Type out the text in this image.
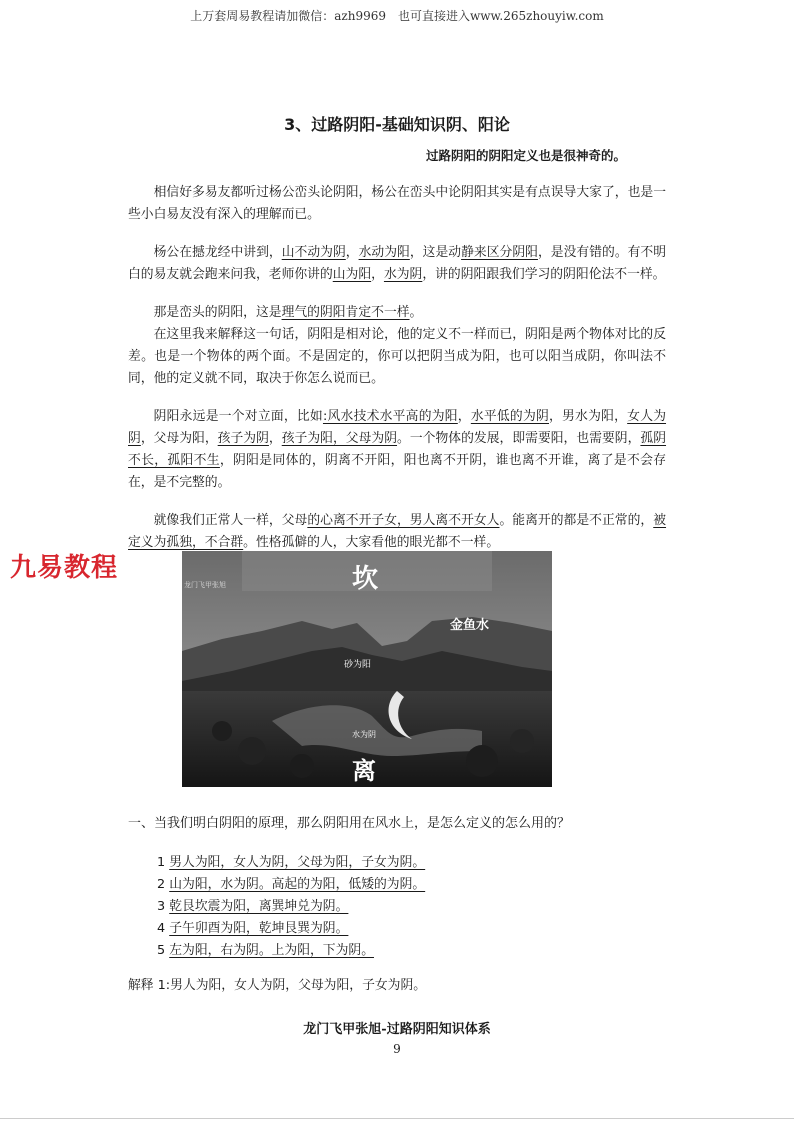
上万套周易教程请加微信：azh9969　也可直接进入www.265zhouyiw.com
3、过路阴阳-基础知识阴、阳论
过路阴阳的阴阳定义也是很神奇的。

相信好多易友都听过杨公峦头论阴阳，杨公在峦头中论阴阳其实是有点误导大家了，也是一些小白易友没有深入的理解而已。

杨公在撼龙经中讲到，山不动为阴，水动为阳，这是动静来区分阴阳，是没有错的。有不明白的易友就会跑来问我，老师你讲的山为阳，水为阴，讲的阴阳跟我们学习的阴阳伦法不一样。

那是峦头的阴阳，这是理气的阴阳肯定不一样。

在这里我来解释这一句话，阴阳是相对论，他的定义不一样而已，阴阳是两个物体对比的反差。也是一个物体的两个面。不是固定的，你可以把阴当成为阳，也可以阳当成阴，你叫法不同，他的定义就不同，取决于你怎么说而已。

阴阳永远是一个对立面，比如:风水技术水平高的为阳，水平低的为阴，男水为阳，女人为阴，父母为阳，孩子为阴，孩子为阳，父母为阴。一个物体的发展，即需要阳，也需要阴，孤阴不长，孤阳不生，阴阳是同体的，阴离不开阳，阳也离不开阴，谁也离不开谁，离了是不会存在，是不完整的。

就像我们正常人一样，父母的心离不开子女，男人离不开女人。能离开的都是不正常的，被定义为孤独，不合群。性格孤僻的人，大家看他的眼光都不一样。

九易教程	坎
离
金鱼水
砂为阳
水为阴
龙门飞甲张旭
一、当我们明白阴阳的原理，那么阴阳用在风水上，是怎么定义的怎么用的？
1 男人为阳，女人为阴，父母为阳，子女为阴。
2 山为阳，水为阴。高起的为阳，低矮的为阴。
3 乾艮坎震为阳，离巽坤兑为阴。
4 子午卯酉为阳，乾坤艮巽为阴。
5 左为阳，右为阴。上为阳，下为阴。
解释 1:男人为阳，女人为阴，父母为阳，子女为阴。
龙门飞甲张旭-过路阴阳知识体系
9
